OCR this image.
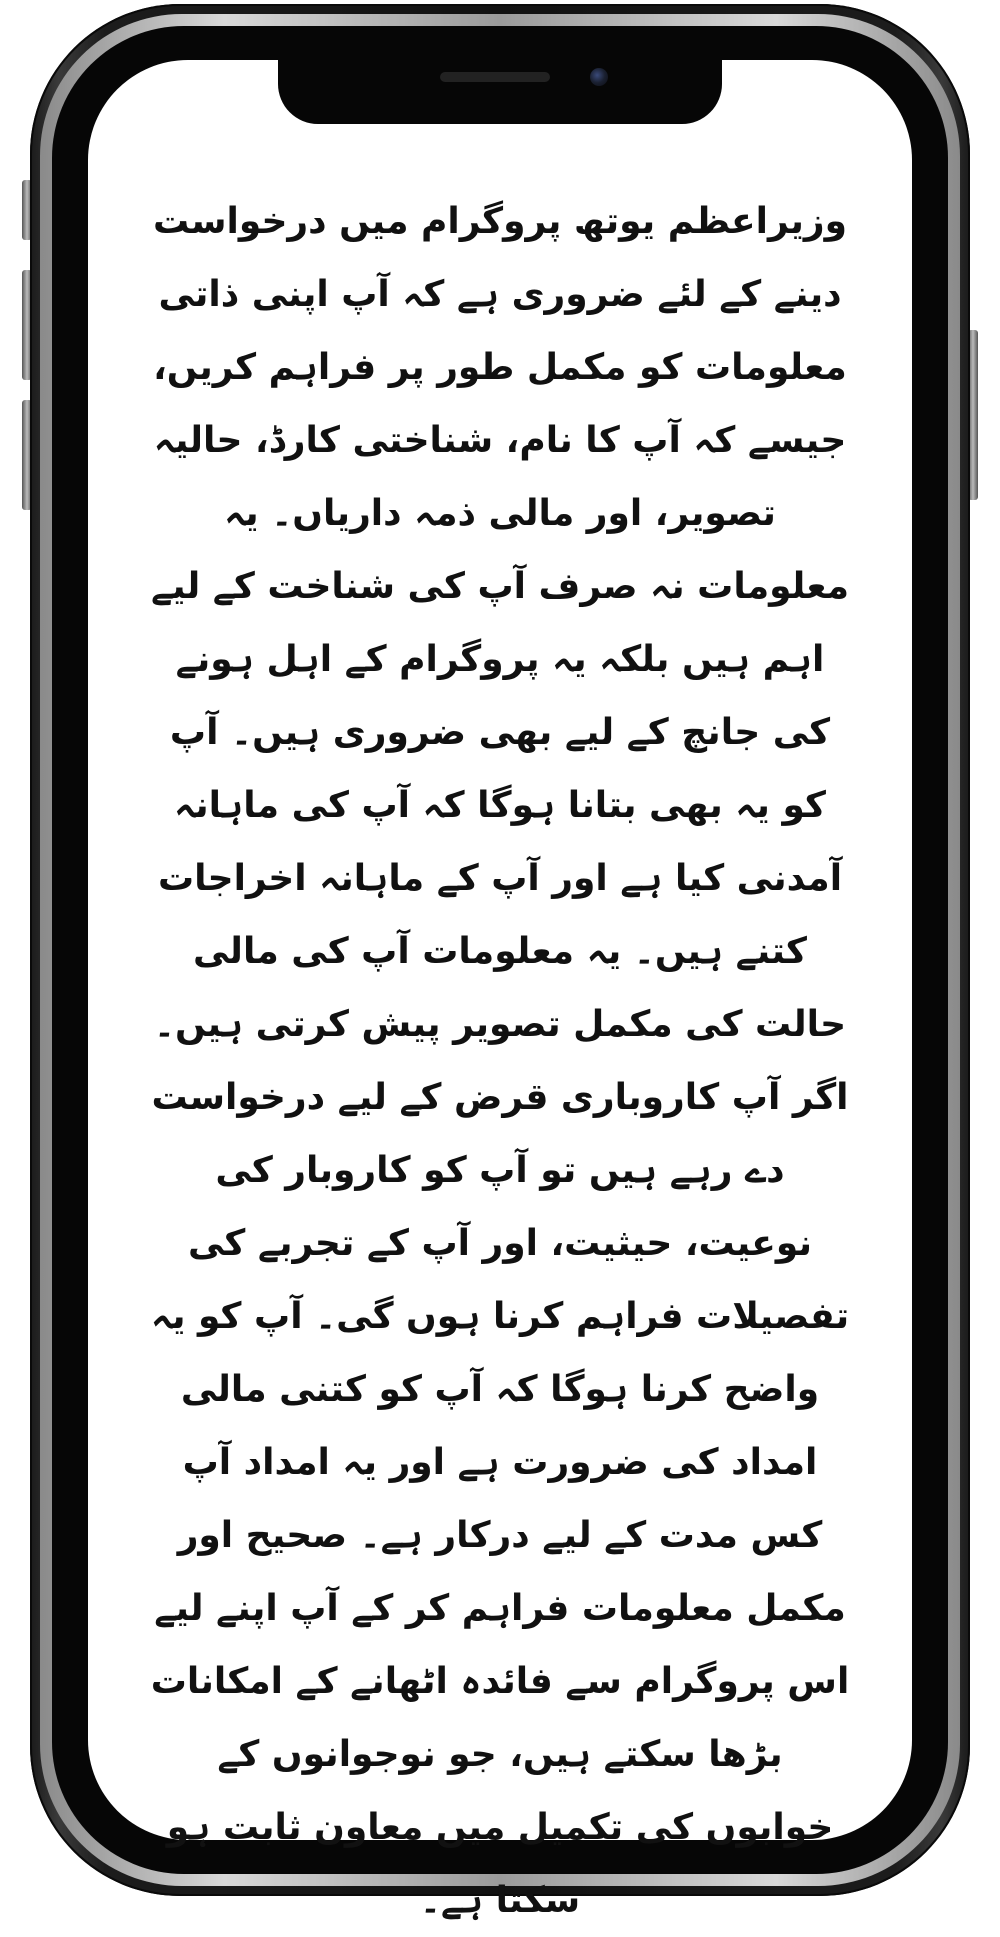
وزیراعظم یوتھ پروگرام میں درخواست دینے کے لئے ضروری ہے کہ آپ اپنی ذاتی معلومات کو مکمل طور پر فراہم کریں، جیسے کہ آپ کا نام، شناختی کارڈ، حالیہ تصویر، اور مالی ذمہ داریاں۔ یہ معلومات نہ صرف آپ کی شناخت کے لیے اہم ہیں بلکہ یہ پروگرام کے اہل ہونے کی جانچ کے لیے بھی ضروری ہیں۔ آپ کو یہ بھی بتانا ہوگا کہ آپ کی ماہانہ آمدنی کیا ہے اور آپ کے ماہانہ اخراجات کتنے ہیں۔ یہ معلومات آپ کی مالی حالت کی مکمل تصویر پیش کرتی ہیں۔ اگر آپ کاروباری قرض کے لیے درخواست دے رہے ہیں تو آپ کو کاروبار کی نوعیت، حیثیت، اور آپ کے تجربے کی تفصیلات فراہم کرنا ہوں گی۔ آپ کو یہ واضح کرنا ہوگا کہ آپ کو کتنی مالی امداد کی ضرورت ہے اور یہ امداد آپ کس مدت کے لیے درکار ہے۔ صحیح اور مکمل معلومات فراہم کر کے آپ اپنے لیے اس پروگرام سے فائدہ اٹھانے کے امکانات بڑھا سکتے ہیں، جو نوجوانوں کے خوابوں کی تکمیل میں معاون ثابت ہو سکتا ہے۔
